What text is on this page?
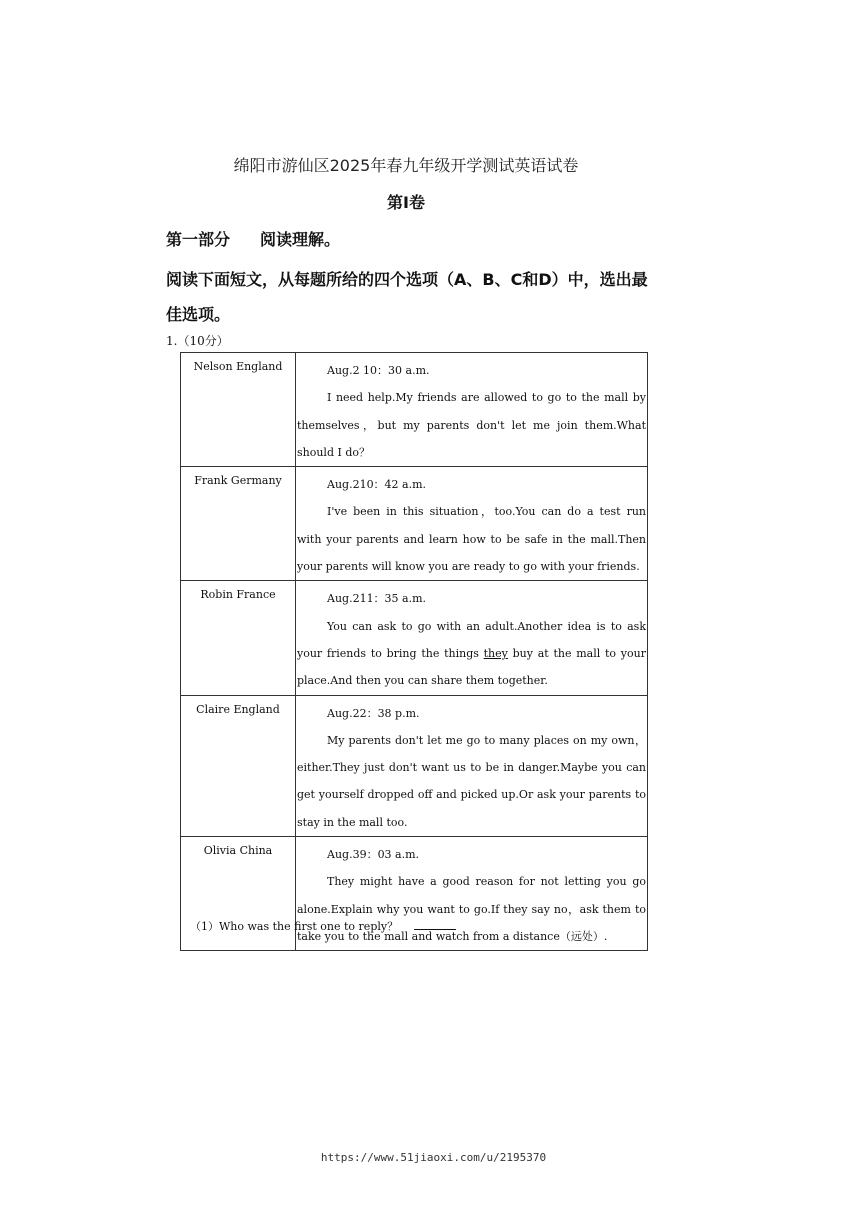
绵阳市游仙区2025年春九年级开学测试英语试卷
第I卷
第一部分 阅读理解。
阅读下面短文，从每题所给的四个选项（A、B、C和D）中，选出最佳选项。
1.（10分）
Nelson England	Aug.2 10：30 a.m.
I need help.My friends are allowed to go to the mall by themselves，but my parents don't let me join them.What should I do？

Frank Germany	Aug.210：42 a.m.
I've been in this situation，too.You can do a test run with your parents and learn how to be safe in the mall.Then your parents will know you are ready to go with your friends.

Robin France	Aug.211：35 a.m.
You can ask to go with an adult.Another idea is to ask your friends to bring the things they buy at the mall to your place.And then you can share them together.

Claire England	Aug.22：38 p.m.
My parents don't let me go to many places on my own，either.They just don't want us to be in danger.Maybe you can get yourself dropped off and picked up.Or ask your parents to stay in the mall too.

Olivia China	Aug.39：03 a.m.
They might have a good reason for not letting you go alone.Explain why you want to go.If they say no，ask them to take you to the mall and watch from a distance（远处）.
（1）Who was the first one to reply？
https://www.51jiaoxi.com/u/2195370
